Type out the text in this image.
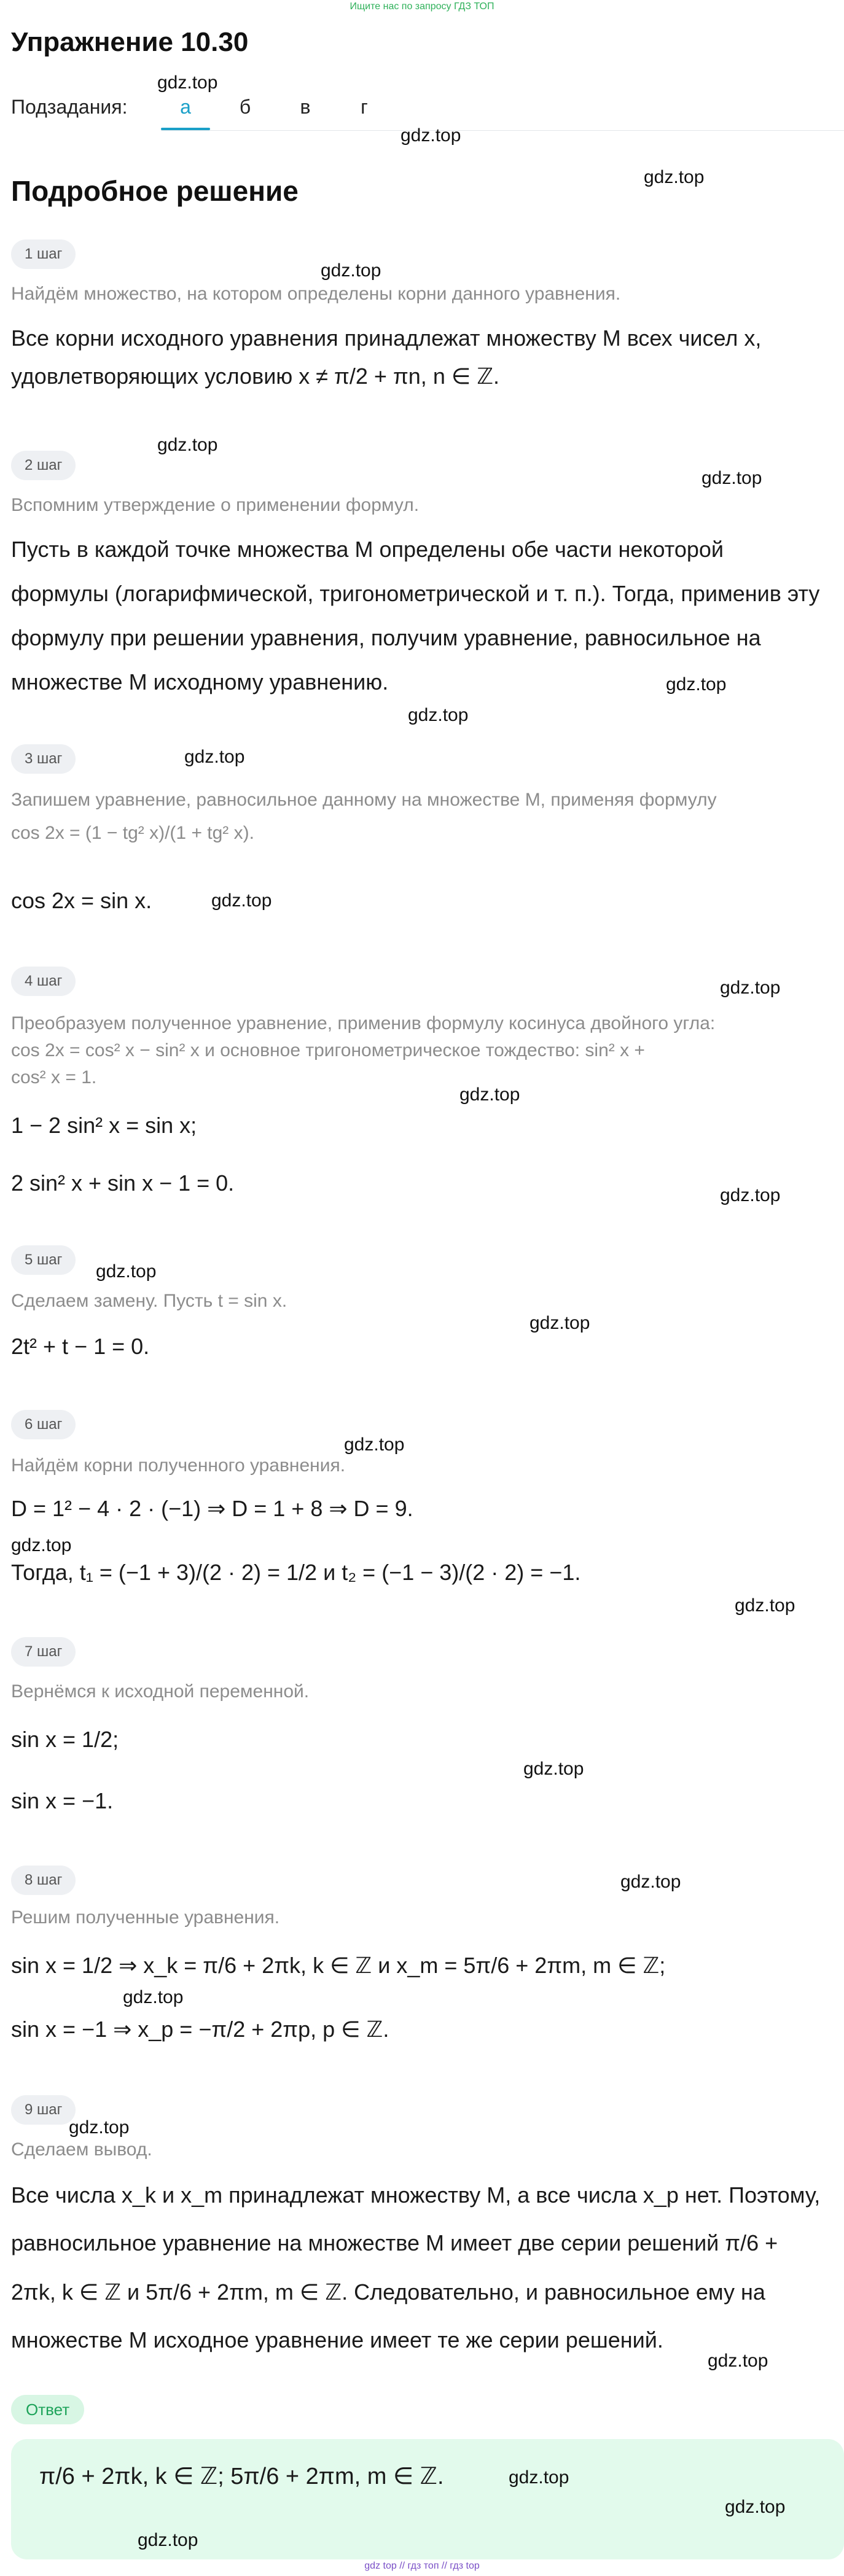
Ищите нас по запросу ГДЗ ТОП
Упражнение 10.30
Подзадания:	а	б	в	г
gdz.top
gdz.top
gdz.top
Подробное решение
1 шаг
gdz.top
Найдём множество, на котором определены корни данного уравнения.
Все корни исходного уравнения принадлежат множеству M всех чисел x,
удовлетворяющих условию x ≠ π/2 + πn, n ∈ ℤ.
gdz.top
2 шаг
gdz.top
Вспомним утверждение о применении формул.
Пусть в каждой точке множества M определены обе части некоторой
формулы (логарифмической, тригонометрической и т. п.). Тогда, применив эту
формулу при решении уравнения, получим уравнение, равносильное на
множестве M исходному уравнению.	gdz.top
gdz.top
3 шаг	gdz.top
Запишем уравнение, равносильное данному на множестве M, применяя формулу
cos 2x = (1 − tg² x)/(1 + tg² x).
gdz.top
cos 2x = sin x.
4 шаг	gdz.top
Преобразуем полученное уравнение, применив формулу косинуса двойного угла:
cos 2x = cos² x − sin² x и основное тригонометрическое тождество: sin² x +
cos² x = 1.
gdz.top
1 − 2 sin² x = sin x;
2 sin² x + sin x − 1 = 0.	gdz.top
5 шаг
gdz.top
Сделаем замену. Пусть t = sin x.
gdz.top
2t² + t − 1 = 0.
6 шаг
gdz.top
Найдём корни полученного уравнения.
D = 1² − 4 · 2 · (−1) ⇒ D = 1 + 8 ⇒ D = 9.
gdz.top
Тогда, t₁ = (−1 + 3)/(2 · 2) = 1/2 и t₂ = (−1 − 3)/(2 · 2) = −1.
gdz.top
7 шаг
Вернёмся к исходной переменной.
sin x = 1/2;
gdz.top
sin x = −1.
8 шаг	gdz.top
Решим полученные уравнения.
sin x = 1/2 ⇒ x_k = π/6 + 2πk, k ∈ ℤ и x_m = 5π/6 + 2πm, m ∈ ℤ;
gdz.top
sin x = −1 ⇒ x_p = −π/2 + 2πp, p ∈ ℤ.
9 шаг
gdz.top
Сделаем вывод.
Все числа x_k и x_m принадлежат множеству M, а все числа x_p нет. Поэтому,
равносильное уравнение на множестве M имеет две серии решений π/6 +
2πk, k ∈ ℤ и 5π/6 + 2πm, m ∈ ℤ. Следовательно, и равносильное ему на
множестве M исходное уравнение имеет те же серии решений.
gdz.top
Ответ
π/6 + 2πk, k ∈ ℤ; 5π/6 + 2πm, m ∈ ℤ.	gdz.top
gdz.top
gdz.top
gdz top // гдз топ // гдз top
